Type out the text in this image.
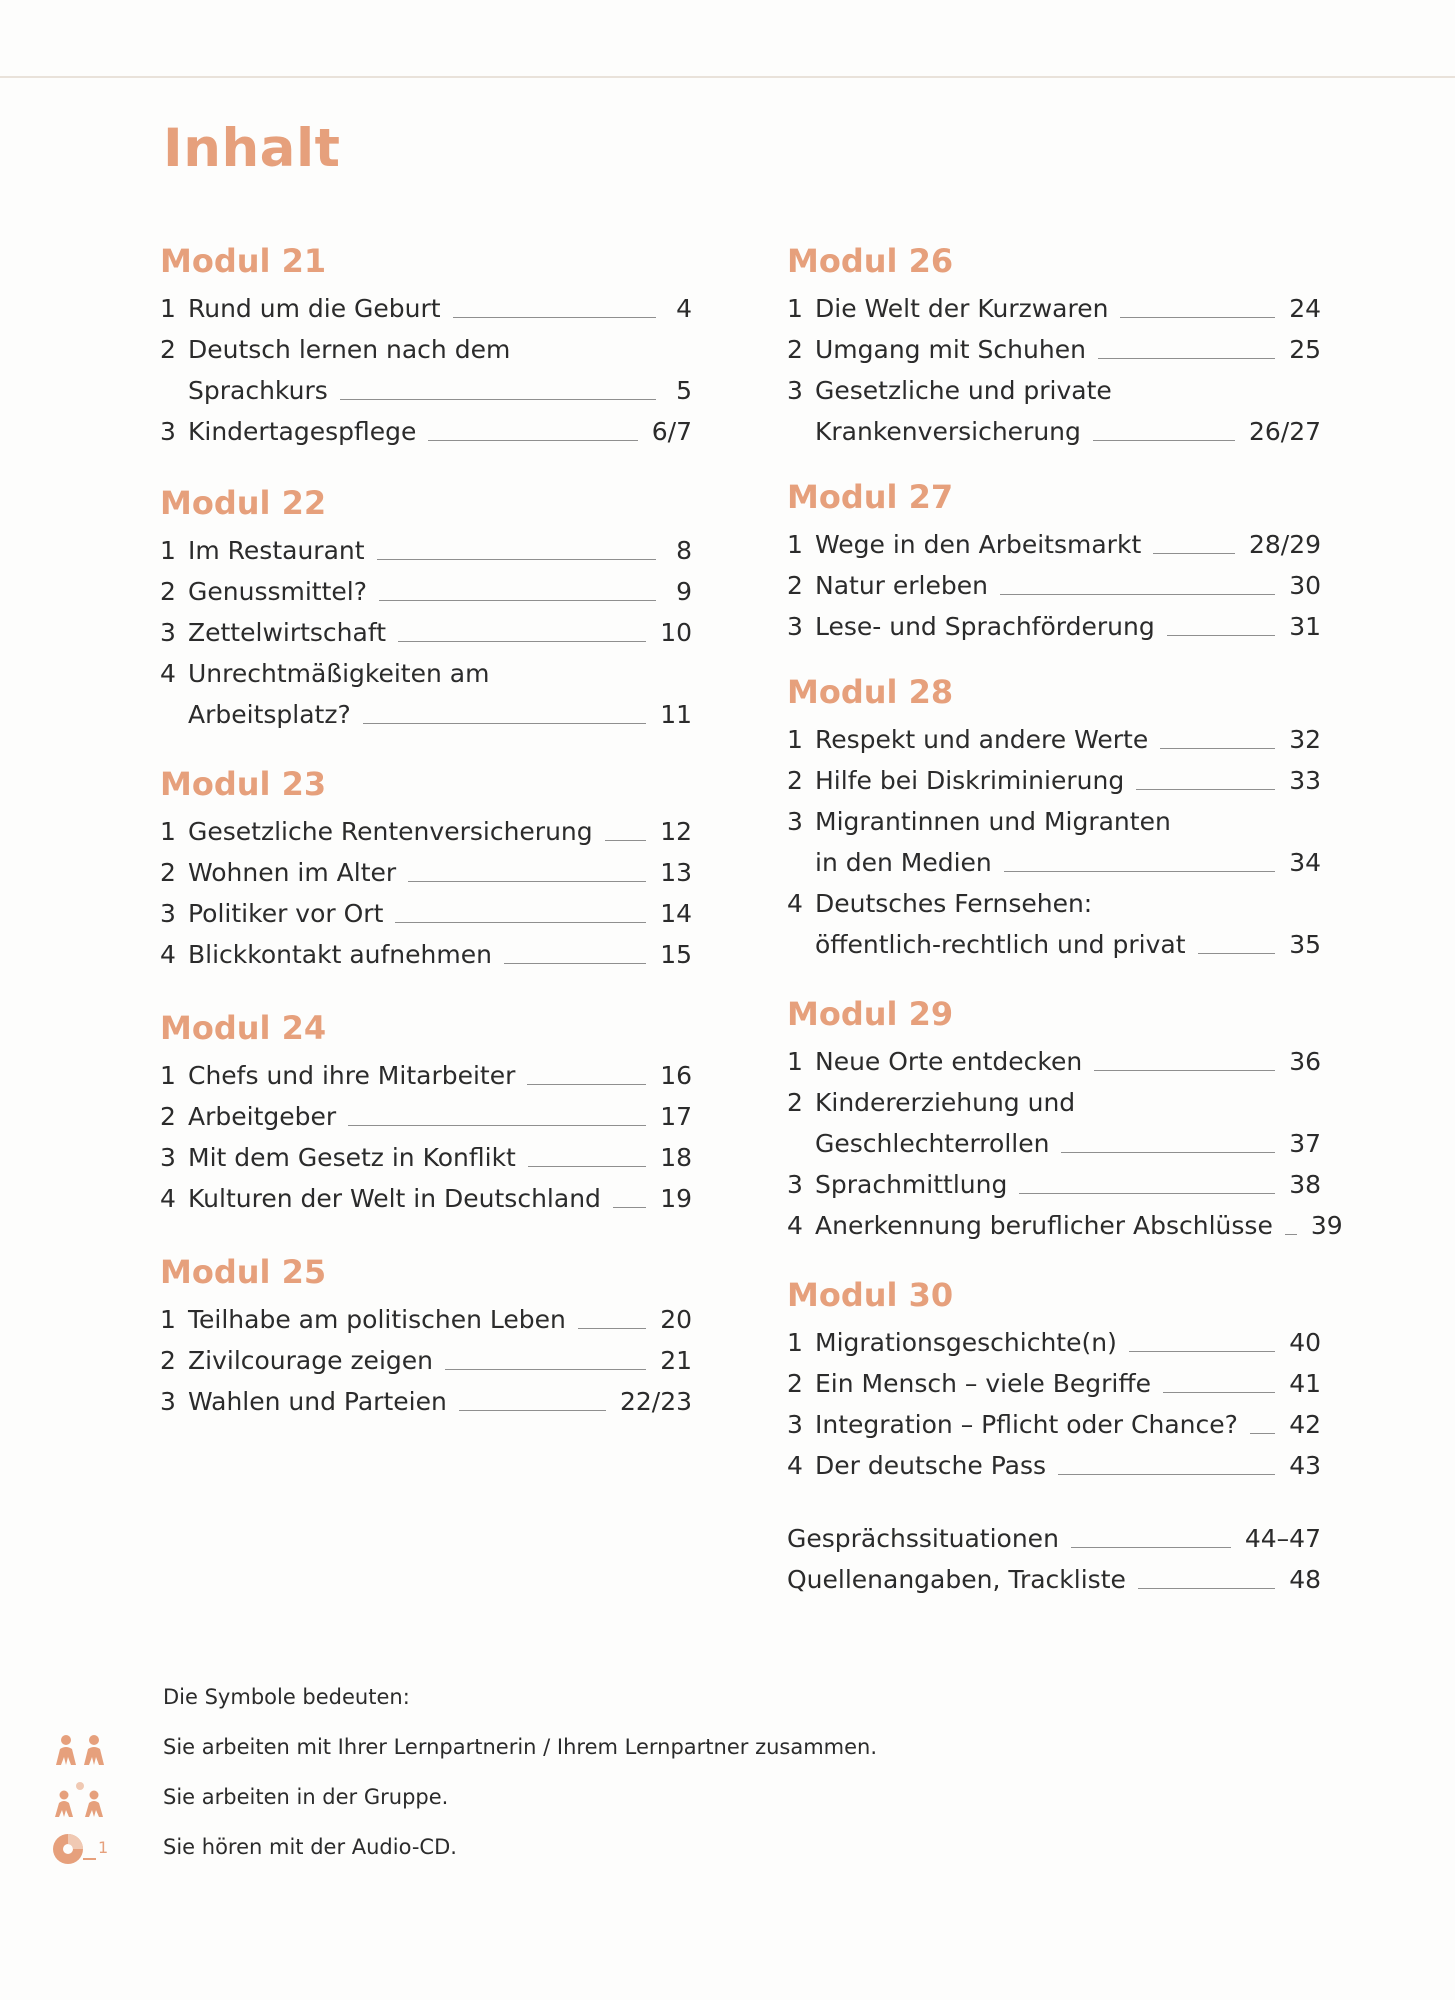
Inhalt
Modul 21
1 Rund um die Geburt	4
2 Deutsch lernen nach dem
Sprachkurs	5
3 Kindertagespflege	6/7
Modul 22
1 Im Restaurant	8
2 Genussmittel?	9
3 Zettelwirtschaft	10
4 Unrechtmäßigkeiten am
Arbeitsplatz?	11
Modul 23
1 Gesetzliche Rentenversicherung	12
2 Wohnen im Alter	13
3 Politiker vor Ort	14
4 Blickkontakt aufnehmen	15
Modul 24
1 Chefs und ihre Mitarbeiter	16
2 Arbeitgeber	17
3 Mit dem Gesetz in Konflikt	18
4 Kulturen der Welt in Deutschland 19
Modul 25
1 Teilhabe am politischen Leben	20
2 Zivilcourage zeigen	21
3 Wahlen und Parteien	22/23
Modul 26
1 Die Welt der Kurzwaren	24
2 Umgang mit Schuhen	25
3 Gesetzliche und private
Krankenversicherung	26/27
Modul 27
1 Wege in den Arbeitsmarkt	28/29
2 Natur erleben	30
3 Lese- und Sprachförderung	31
Modul 28
1 Respekt und andere Werte	32
2 Hilfe bei Diskriminierung	33
3 Migrantinnen und Migranten
in den Medien	34
4 Deutsches Fernsehen:
öffentlich-rechtlich und privat	35
Modul 29
1 Neue Orte entdecken	36
2 Kindererziehung und
Geschlechterrollen	37
3 Sprachmittlung	38
4 Anerkennung beruflicher Abschlüsse 39
Modul 30
1 Migrationsgeschichte(n)	40
2 Ein Mensch – viele Begriffe	41
3 Integration – Pflicht oder Chance? 42
4 Der deutsche Pass	43
Gesprächssituationen	44–47
Quellenangaben, Trackliste	48

Die Symbole bedeuten:

Sie arbeiten mit Ihrer Lernpartnerin / Ihrem Lernpartner zusammen.
Sie arbeiten in der Gruppe.
1	Sie hören mit der Audio-CD.
